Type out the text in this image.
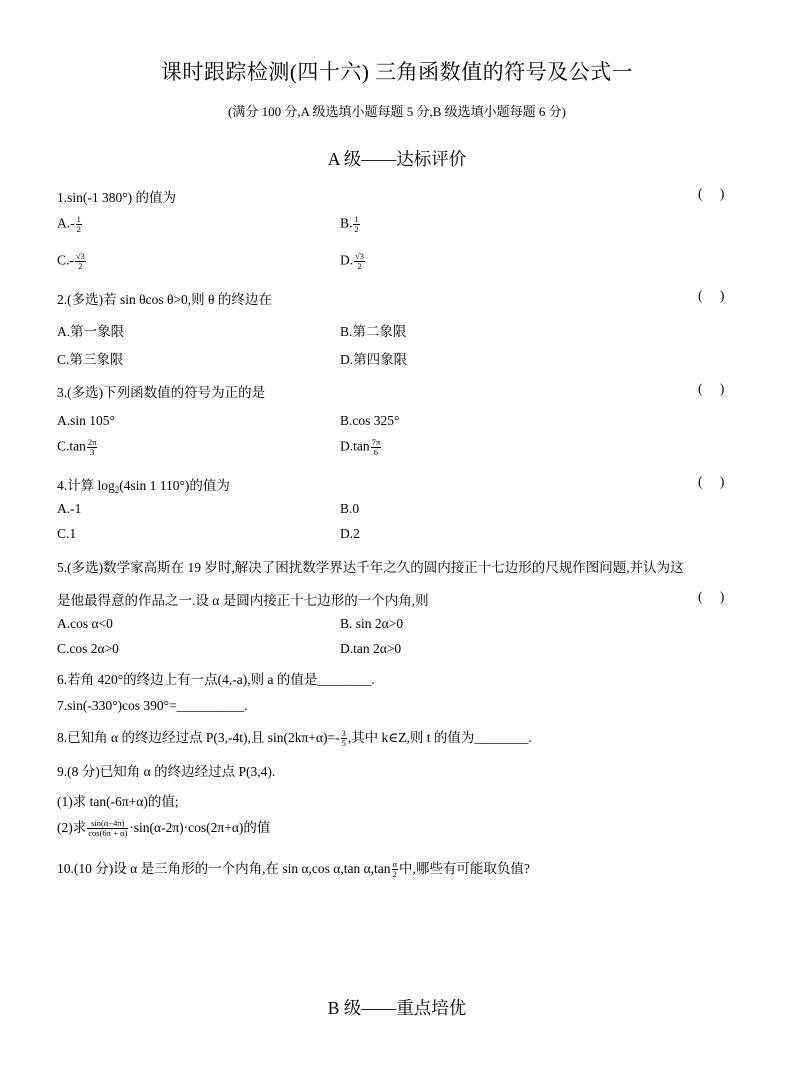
课时跟踪检测(四十六) 三角函数值的符号及公式一
(满分 100 分,A 级选填小题每题 5 分,B 级选填小题每题 6 分)
A 级——达标评价
1.sin(-1 380°) 的值为	( )
$A.- \frac{1}{2}$	B. $\frac{1}{2}$
$C.- \frac{√3}{2}$	D. $\frac{√3}{2}$
2.(多选)若 sin θcos θ>0,则 θ 的终边在	( )
A.第一象限	B.第二象限
C.第三象限	D.第四象限
3.(多选)下列函数值的符号为正的是	( )
A.sin 105°	B.cos 325°
$C.\tan \frac{2\pi}{3}$	$D.\tan \frac{7\pi}{6}$
4.计算 $\log_2(4\sin$ 1 110°)的值为	( )
A.-1	B.0
C.1	D.2
5.(多选)数学家高斯在 19 岁时,解决了困扰数学界达千年之久的圆内接正十七边形的尺规作图问题,并认为这
是他最得意的作品之一.设 α 是圆内接正十七边形的一个内角,则	( )
A.cos α<0	B. sin 2α>0
C.cos 2α>0	D.tan 2α>0
6.若角 420°的终边上有一点(4,-a),则 a 的值是________.
7.sin(-330°)cos 390°=__________.
8.已知角 α 的终边经过点 P(3,-4t),且 $\sin(2k\pi+\alpha)=- \frac{3}{5}$ ,其中 k∈Z,则 t 的值为________.
9.(8 分)已知角 α 的终边经过点 P(3,4).
(1)求 tan(-6π+α)的值;
(2)求 $\frac{\sin(\alpha-4\pi)}{\cos(6\pi + \alpha)} \cdot\sin(\alpha-2\pi)\cdot\cos(2\pi+\alpha)$的值
10.(10 分)设 α 是三角形的一个内角,在 sin α,cos α,tan $\alpha,\tan \frac{\alpha}{2}$ 中,哪些有可能取负值?
B 级——重点培优
